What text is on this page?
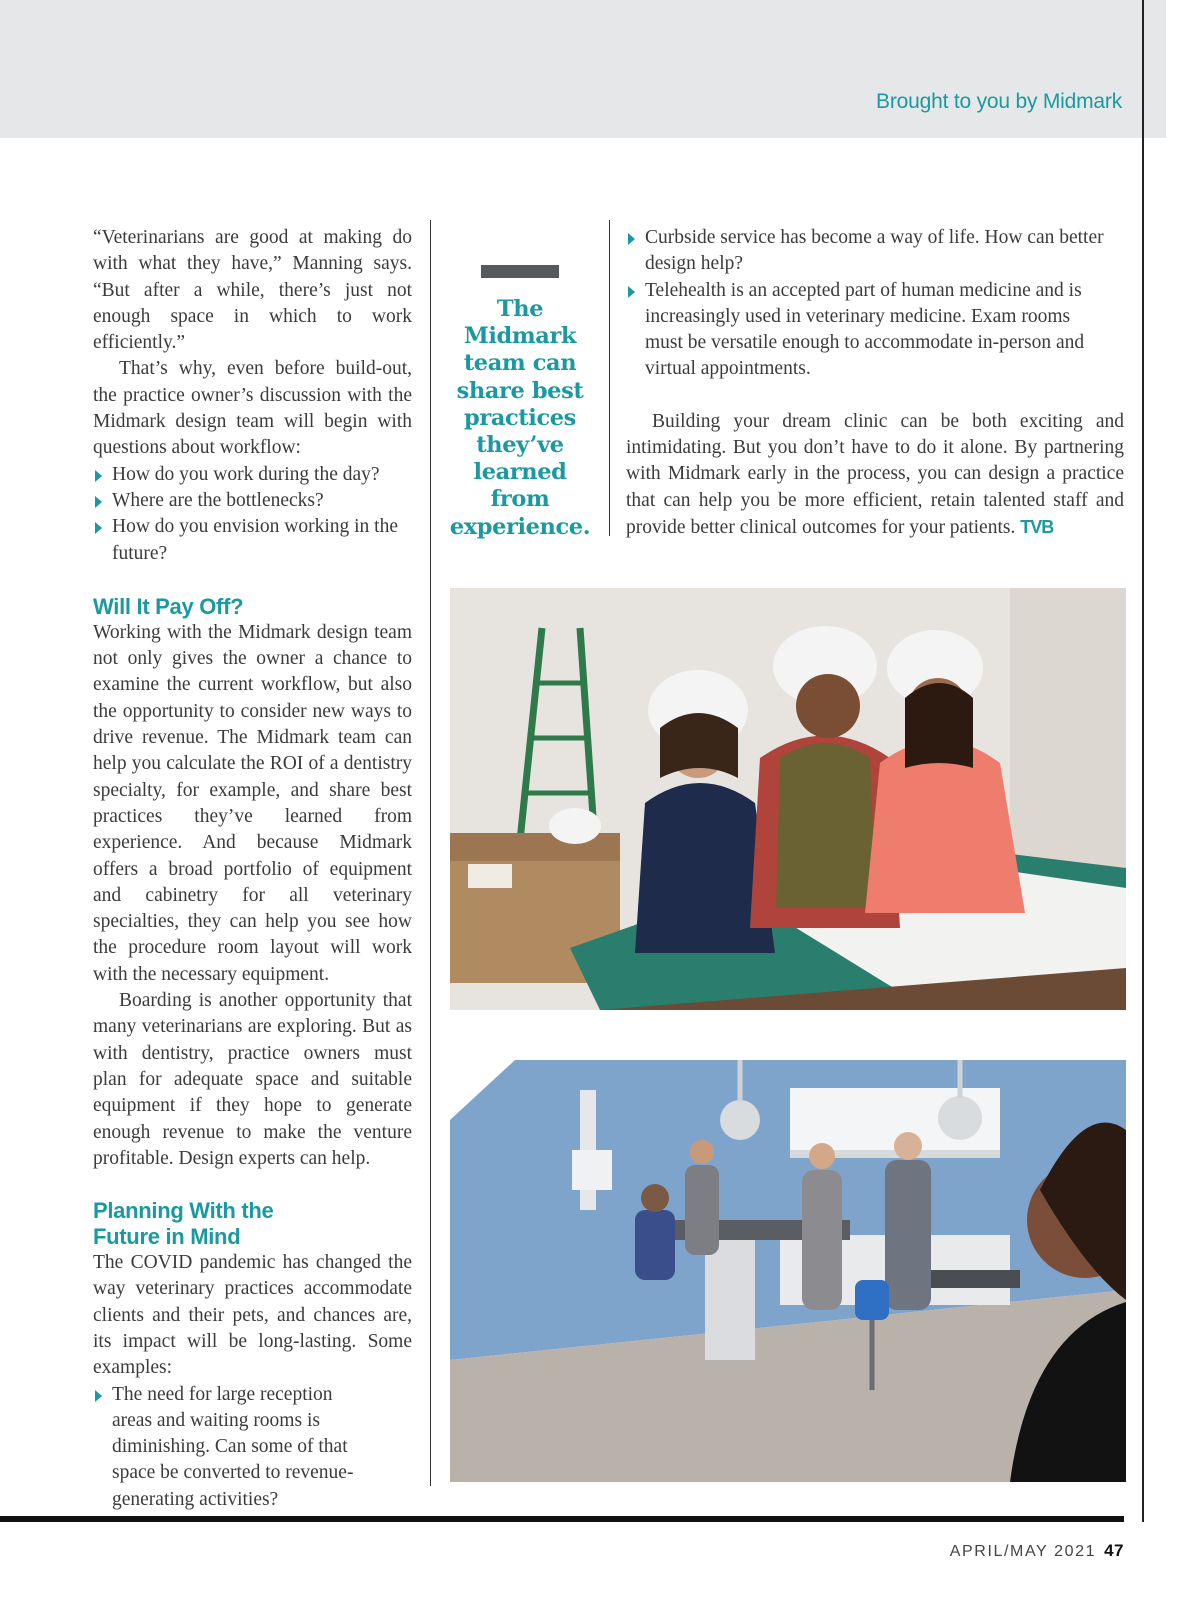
Brought to you by Midmark

“Veterinarians are good at making do with what they have,” Manning says. “But after a while, there’s just not enough space in which to work efficiently.”

That’s why, even before build-out, the practice owner’s discussion with the Midmark design team will begin with questions about workflow:

How do you work during the day?
Where are the bottlenecks?
How do you envision working in the future?
Will It Pay Off?

Working with the Midmark design team not only gives the owner a chance to examine the current workflow, but also the opportunity to consider new ways to drive revenue. The Midmark team can help you calculate the ROI of a dentistry specialty, for example, and share best practices they’ve learned from experience. And because Midmark offers a broad portfolio of equipment and cabinetry for all veterinary specialties, they can help you see how the procedure room layout will work with the necessary equipment.

Boarding is another opportunity that many veterinarians are exploring. But as with dentistry, practice owners must plan for adequate space and suitable equipment if they hope to generate enough revenue to make the venture profitable. Design experts can help.

Planning With the
Future in Mind

The COVID pandemic has changed the way veterinary practices accommodate clients and their pets, and chances are, its impact will be long-lasting. Some examples:

The need for large reception areas and waiting rooms is diminishing. Can some of that space be converted to revenue-generating activities?
The Midmark team can share best practices they’ve learned from experience.
Curbside service has become a way of life. How can better design help?
Telehealth is an accepted part of human medicine and is increasingly used in veterinary medicine. Exam rooms must be versatile enough to accommodate in-person and virtual appointments.

Building your dream clinic can be both exciting and intimidating. But you don’t have to do it alone. By partnering with Midmark early in the process, you can design a practice that can help you be more efficient, retain talented staff and provide better clinical outcomes for your patients. TVB

APRIL/MAY 2021 47
